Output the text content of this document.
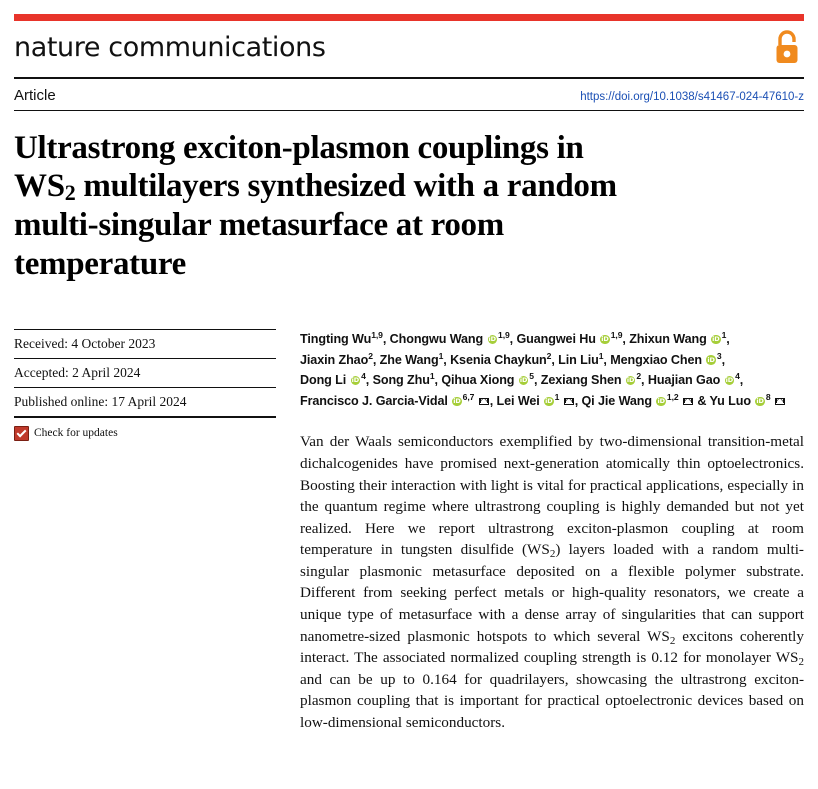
nature communications
Article	https://doi.org/10.1038/s41467-024-47610-z
Ultrastrong exciton-plasmon couplings in
$WS_2$ multilayers synthesized with a random
multi-singular metasurface at room
temperature
Received: 4 October 2023
Accepted: 2 April 2024
Published online: 17 April 2024
Check for updates
Tingting Wu$^{1,9}$, Chongwu Wang iD$^{1,9}$, Guangwei Hu iD$^{1,9}$, Zhixun Wang $iD^1$,
Jiaxin Zhao$^2$, Zhe Wang$^1$, Ksenia Chaykun$^2$, Lin Liu$^1$, Mengxiao Chen $iD^3$,
Dong Li $iD^4$, Song Zhu$^1$, Qihua Xiong $iD^5$, Zexiang Shen $iD^2$, Huajian Gao $iD^4$,
Francisco J. Garcia-Vidal iD$^{6,7}$ , Lei Wei $iD^1$ , Qi Jie Wang iD$^{1,2}$  & Yu Luo $iD^8$
Van der Waals semiconductors exemplified by two-dimensional transition-metal dichalcogenides have promised next-generation atomically thin optoelectronics. Boosting their interaction with light is vital for practical applications, especially in the quantum regime where ultrastrong coupling is highly demanded but not yet realized. Here we report ultrastrong exciton-plasmon coupling at room temperature in tungsten disulfide $(WS_2)$ layers loaded with a random multi-singular plasmonic metasurface deposited on a flexible polymer substrate. Different from seeking perfect metals or high-quality resonators, we create a unique type of metasurface with a dense array of singularities that can support nanometre-sized plasmonic hotspots to which several $WS_2$ excitons coherently interact. The associated normalized coupling strength is 0.12 for monolayer $WS_2$ and can be up to 0.164 for quadrilayers, showcasing the ultrastrong exciton-plasmon coupling that is important for practical optoelectronic devices based on low-dimensional semiconductors.
